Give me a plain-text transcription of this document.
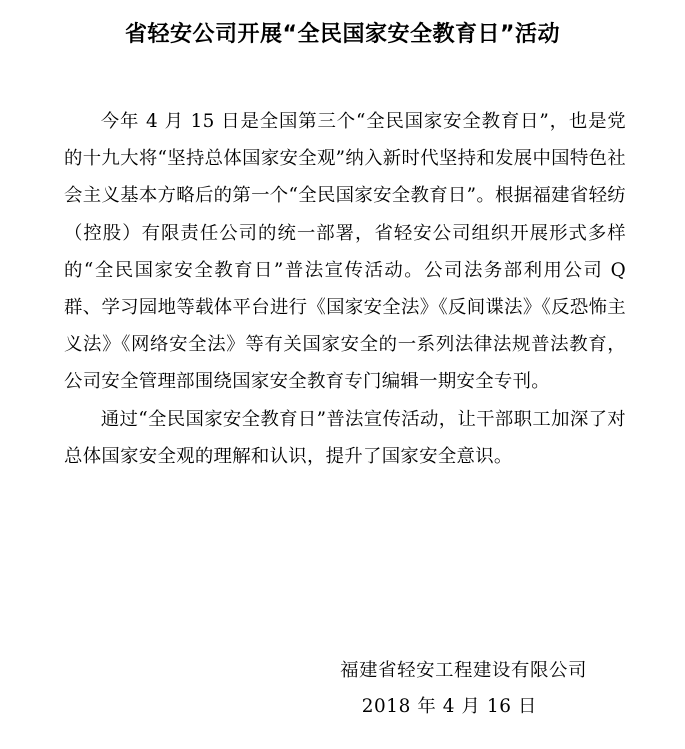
省轻安公司开展“全民国家安全教育日”活动

今年 4 月 15 日是全国第三个“全民国家安全教育日”，也是党的十九大将“坚持总体国家安全观”纳入新时代坚持和发展中国特色社会主义基本方略后的第一个“全民国家安全教育日”。根据福建省轻纺（控股）有限责任公司的统一部署，省轻安公司组织开展形式多样的“全民国家安全教育日”普法宣传活动。公司法务部利用公司 Q 群、学习园地等载体平台进行《国家安全法》《反间谍法》《反恐怖主义法》《网络安全法》等有关国家安全的一系列法律法规普法教育，公司安全管理部围绕国家安全教育专门编辑一期安全专刊。

通过“全民国家安全教育日”普法宣传活动，让干部职工加深了对总体国家安全观的理解和认识，提升了国家安全意识。

福建省轻安工程建设有限公司
2018 年 4 月 16 日
